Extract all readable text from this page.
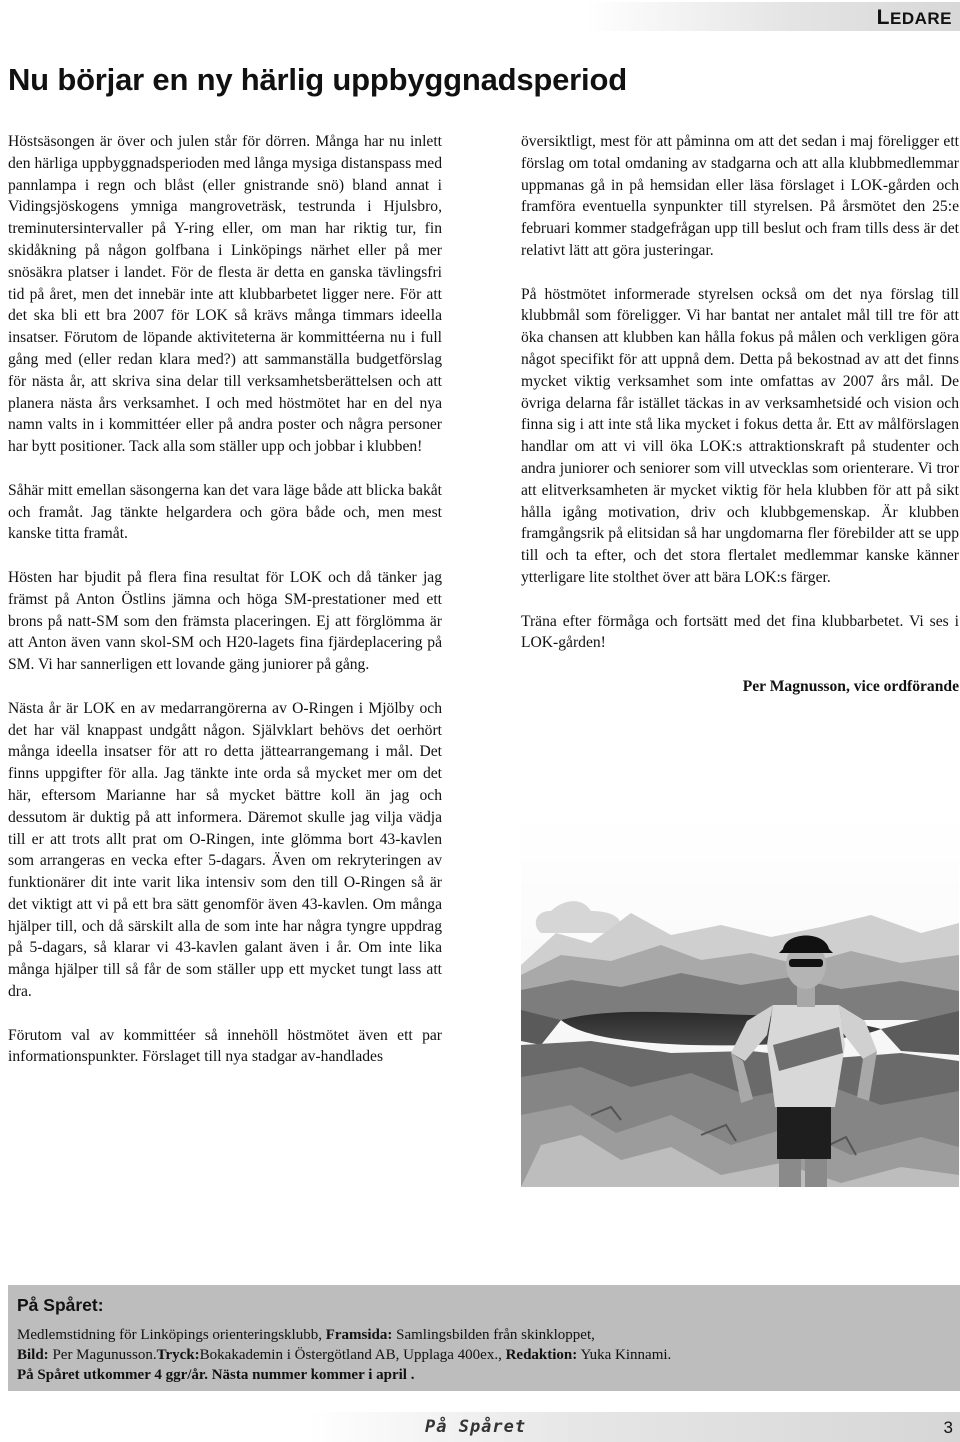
LEDARE
Nu börjar en ny härlig uppbyggnadsperiod

Höstsäsongen är över och julen står för dörren. Många har nu inlett den härliga uppbyggnadsperioden med långa mysiga distanspass med pannlampa i regn och blåst (eller gnistrande snö) bland annat i Vidingsjöskogens ymniga mangroveträsk, testrunda i Hjulsbro, treminutersintervaller på Y-ring eller, om man har riktig tur, fin skidåkning på någon golfbana i Linköpings närhet eller på mer snösäkra platser i landet. För de flesta är detta en ganska tävlingsfri tid på året, men det innebär inte att klubbarbetet ligger nere. För att det ska bli ett bra 2007 för LOK så krävs många timmars ideella insatser. Förutom de löpande aktiviteterna är kommittéerna nu i full gång med (eller redan klara med?) att sammanställa budgetförslag för nästa år, att skriva sina delar till verksamhetsberättelsen och att planera nästa års verksamhet. I och med höstmötet har en del nya namn valts in i kommittéer eller på andra poster och några personer har bytt positioner. Tack alla som ställer upp och jobbar i klubben!

Såhär mitt emellan säsongerna kan det vara läge både att blicka bakåt och framåt. Jag tänkte helgardera och göra både och, men mest kanske titta framåt.

Hösten har bjudit på flera fina resultat för LOK och då tänker jag främst på Anton Östlins jämna och höga SM-prestationer med ett brons på natt-SM som den främsta placeringen. Ej att förglömma är att Anton även vann skol-SM och H20-lagets fina fjärdeplacering på SM. Vi har sannerligen ett lovande gäng juniorer på gång.

Nästa år är LOK en av medarrangörerna av O-Ringen i Mjölby och det har väl knappast undgått någon. Självklart behövs det oerhört många ideella insatser för att ro detta jättearrangemang i mål. Det finns uppgifter för alla. Jag tänkte inte orda så mycket mer om det här, eftersom Marianne har så mycket bättre koll än jag och dessutom är duktig på att informera. Däremot skulle jag vilja vädja till er att trots allt prat om O-Ringen, inte glömma bort 43-kavlen som arrangeras en vecka efter 5-dagars. Även om rekryteringen av funktionärer dit inte varit lika intensiv som den till O-Ringen så är det viktigt att vi på ett bra sätt genomför även 43-kavlen. Om många hjälper till, och då särskilt alla de som inte har några tyngre uppdrag på 5-dagars, så klarar vi 43-kavlen galant även i år. Om inte lika många hjälper till så får de som ställer upp ett mycket tungt lass att dra.

Förutom val av kommittéer så innehöll höstmötet även ett par informationspunkter. Förslaget till nya stadgar av-handlades

översiktligt, mest för att påminna om att det sedan i maj föreligger ett förslag om total omdaning av stadgarna och att alla klubbmedlemmar uppmanas gå in på hemsidan eller läsa förslaget i LOK-gården och framföra eventuella synpunkter till styrelsen. På årsmötet den 25:e februari kommer stadgefrågan upp till beslut och fram tills dess är det relativt lätt att göra justeringar.

På höstmötet informerade styrelsen också om det nya förslag till klubbmål som föreligger. Vi har bantat ner antalet mål till tre för att öka chansen att klubben kan hålla fokus på målen och verkligen göra något specifikt för att uppnå dem. Detta på bekostnad av att det finns mycket viktig verksamhet som inte omfattas av 2007 års mål. De övriga delarna får istället täckas in av verksamhetsidé och vision och finna sig i att inte stå lika mycket i fokus detta år. Ett av målförslagen handlar om att vi vill öka LOK:s attraktionskraft på studenter och andra juniorer och seniorer som vill utvecklas som orienterare. Vi tror att elitverksamheten är mycket viktig för hela klubben för att på sikt hålla igång motivation, driv och klubbgemenskap. Är klubben framgångsrik på elitsidan så har ungdomarna fler förebilder att se upp till och ta efter, och det stora flertalet medlemmar kanske känner ytterligare lite stolthet över att bära LOK:s färger.

Träna efter förmåga och fortsätt med det fina klubbarbetet. Vi ses i LOK-gården!

Per Magnusson, vice ordförande

På Spåret:
Medlemstidning för Linköpings orienteringsklubb, Framsida: Samlingsbilden från skinkloppet,
Bild: Per Magunusson.Tryck:Bokakademin i Östergötland AB, Upplaga 400ex., Redaktion: Yuka Kinnami.
På Spåret utkommer 4 ggr/år. Nästa nummer kommer i april .
På Spåret	3
